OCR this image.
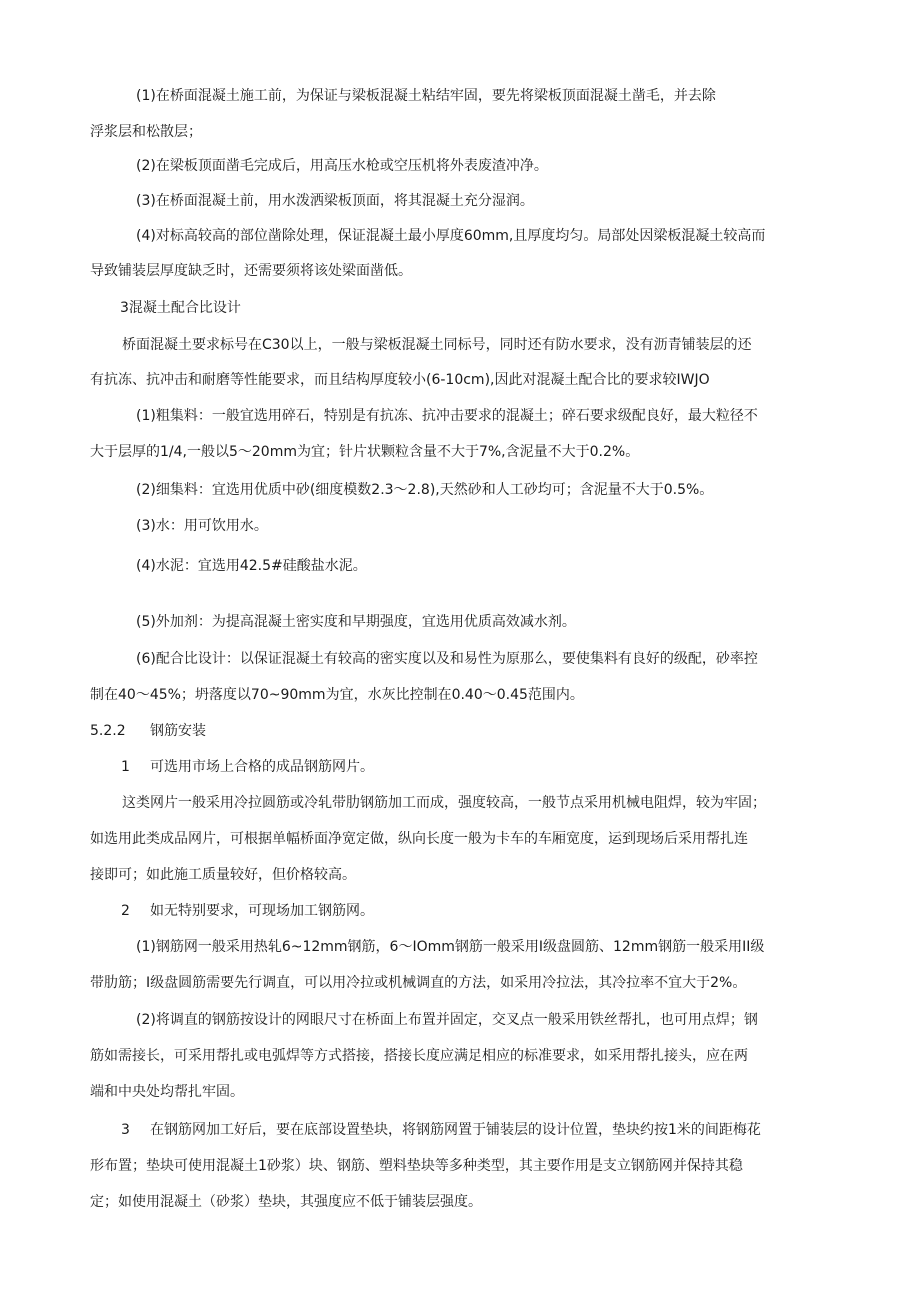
(1)在桥面混凝土施工前，为保证与梁板混凝土粘结牢固，要先将梁板顶面混凝土凿毛，并去除
浮浆层和松散层；
(2)在梁板顶面凿毛完成后，用高压水枪或空压机将外表废渣冲净。
(3)在桥面混凝土前，用水泼洒梁板顶面，将其混凝土充分湿润。
(4)对标高较高的部位凿除处理，保证混凝土最小厚度60mm,且厚度均匀。局部处因梁板混凝土较高而
导致铺装层厚度缺乏时，还需要须将该处梁面凿低。
3混凝土配合比设计
桥面混凝土要求标号在C30以上，一般与梁板混凝土同标号，同时还有防水要求，没有沥青铺装层的还
有抗冻、抗冲击和耐磨等性能要求，而且结构厚度较小(6-10cm),因此对混凝土配合比的要求较IWJO
(1)粗集料：一般宜选用碎石，特别是有抗冻、抗冲击要求的混凝土；碎石要求级配良好，最大粒径不
大于层厚的1/4,一般以5〜20mm为宜；针片状颗粒含量不大于7%,含泥量不大于0.2%。
(2)细集料：宜选用优质中砂(细度模数2.3〜2.8),天然砂和人工砂均可；含泥量不大于0.5%。
(3)水：用可饮用水。
(4)水泥：宜选用42.5#硅酸盐水泥。
(5)外加剂：为提高混凝土密实度和早期强度，宜选用优质高效减水剂。
(6)配合比设计：以保证混凝土有较高的密实度以及和易性为原那么，要使集料有良好的级配，砂率控
制在40〜45%；坍落度以70~90mm为宜，水灰比控制在0.40〜0.45范围内。
5.2.2 钢筋安装
1 可选用市场上合格的成品钢筋网片。
这类网片一般采用冷拉圆筋或冷轧带肋钢筋加工而成，强度较高，一般节点采用机械电阻焊，较为牢固；
如选用此类成品网片，可根据单幅桥面净宽定做，纵向长度一般为卡车的车厢宽度，运到现场后采用帮扎连
接即可；如此施工质量较好，但价格较高。
2 如无特别要求，可现场加工钢筋网。
(1)钢筋网一般采用热轧6~12mm钢筋，6〜IOmm钢筋一般采用I级盘圆筋、12mm钢筋一般采用II级
带肋筋；I级盘圆筋需要先行调直，可以用冷拉或机械调直的方法，如采用冷拉法，其冷拉率不宜大于2%。
(2)将调直的钢筋按设计的网眼尺寸在桥面上布置并固定，交叉点一般采用铁丝帮扎，也可用点焊；钢
筋如需接长，可采用帮扎或电弧焊等方式搭接，搭接长度应满足相应的标准要求，如采用帮扎接头，应在两
端和中央处均帮扎牢固。
3 在钢筋网加工好后，要在底部设置垫块，将钢筋网置于铺装层的设计位置，垫块约按1米的间距梅花
形布置；垫块可使用混凝土1砂浆）块、钢筋、塑料垫块等多种类型，其主要作用是支立钢筋网并保持其稳
定；如使用混凝土（砂浆）垫块，其强度应不低于铺装层强度。
